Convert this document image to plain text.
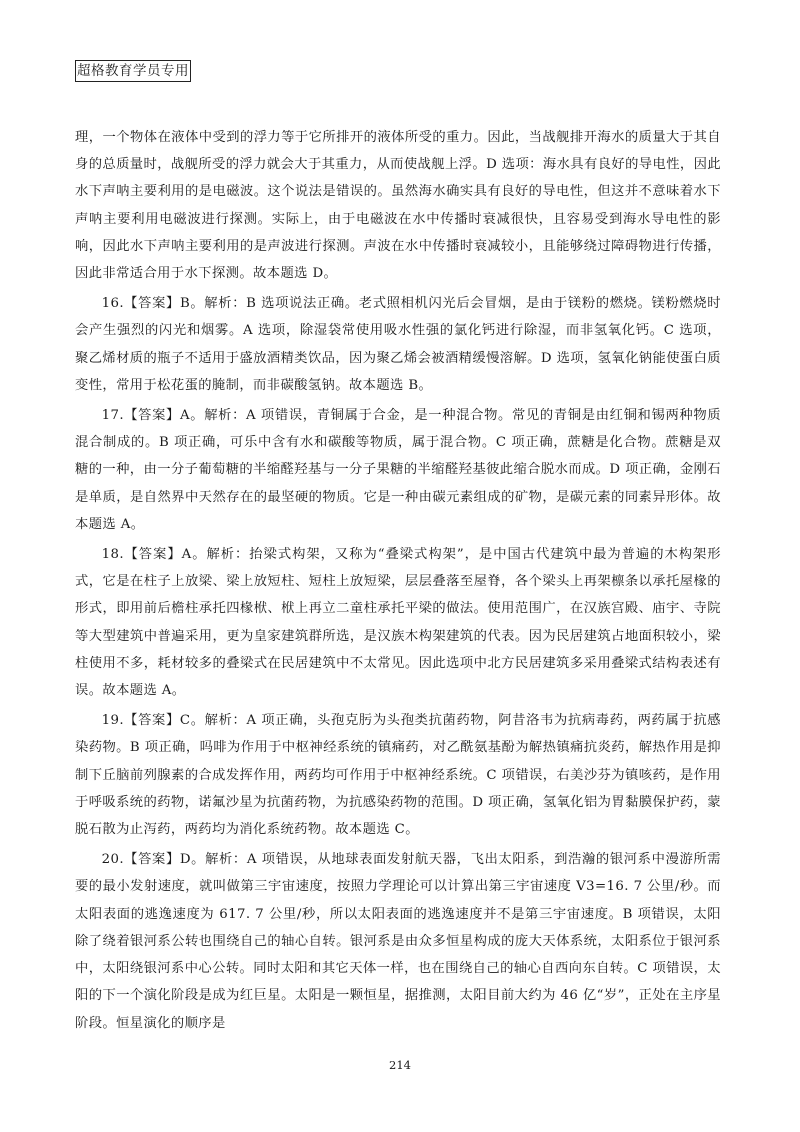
超格教育学员专用

理，一个物体在液体中受到的浮力等于它所排开的液体所受的重力。因此，当战舰排开海水的质量大于其自身的总质量时，战舰所受的浮力就会大于其重力，从而使战舰上浮。D 选项：海水具有良好的导电性，因此水下声呐主要利用的是电磁波。这个说法是错误的。虽然海水确实具有良好的导电性，但这并不意味着水下声呐主要利用电磁波进行探测。实际上，由于电磁波在水中传播时衰减很快，且容易受到海水导电性的影响，因此水下声呐主要利用的是声波进行探测。声波在水中传播时衰减较小，且能够绕过障碍物进行传播，因此非常适合用于水下探测。故本题选 D。

16.【答案】B。解析：B 选项说法正确。老式照相机闪光后会冒烟，是由于镁粉的燃烧。镁粉燃烧时会产生强烈的闪光和烟雾。A 选项，除湿袋常使用吸水性强的氯化钙进行除湿，而非氢氧化钙。C 选项，聚乙烯材质的瓶子不适用于盛放酒精类饮品，因为聚乙烯会被酒精缓慢溶解。D 选项，氢氧化钠能使蛋白质变性，常用于松花蛋的腌制，而非碳酸氢钠。故本题选 B。

17.【答案】A。解析：A 项错误，青铜属于合金，是一种混合物。常见的青铜是由红铜和锡两种物质混合制成的。B 项正确，可乐中含有水和碳酸等物质，属于混合物。C 项正确，蔗糖是化合物。蔗糖是双糖的一种，由一分子葡萄糖的半缩醛羟基与一分子果糖的半缩醛羟基彼此缩合脱水而成。D 项正确，金刚石是单质，是自然界中天然存在的最坚硬的物质。它是一种由碳元素组成的矿物，是碳元素的同素异形体。故本题选 A。

18.【答案】A。解析：抬梁式构架，又称为“叠梁式构架”，是中国古代建筑中最为普遍的木构架形式，它是在柱子上放梁、梁上放短柱、短柱上放短梁，层层叠落至屋脊，各个梁头上再架檩条以承托屋椽的形式，即用前后檐柱承托四椽栿、栿上再立二童柱承托平梁的做法。使用范围广，在汉族宫殿、庙宇、寺院等大型建筑中普遍采用，更为皇家建筑群所选，是汉族木构架建筑的代表。因为民居建筑占地面积较小，梁柱使用不多，耗材较多的叠梁式在民居建筑中不太常见。因此选项中北方民居建筑多采用叠梁式结构表述有误。故本题选 A。

19.【答案】C。解析：A 项正确，头孢克肟为头孢类抗菌药物，阿昔洛韦为抗病毒药，两药属于抗感染药物。B 项正确，吗啡为作用于中枢神经系统的镇痛药，对乙酰氨基酚为解热镇痛抗炎药，解热作用是抑制下丘脑前列腺素的合成发挥作用，两药均可作用于中枢神经系统。C 项错误，右美沙芬为镇咳药，是作用于呼吸系统的药物，诺氟沙星为抗菌药物，为抗感染药物的范围。D 项正确，氢氧化铝为胃黏膜保护药，蒙脱石散为止泻药，两药均为消化系统药物。故本题选 C。

20.【答案】D。解析：A 项错误，从地球表面发射航天器，飞出太阳系，到浩瀚的银河系中漫游所需要的最小发射速度，就叫做第三宇宙速度，按照力学理论可以计算出第三宇宙速度 V3=16. 7 公里/秒。而太阳表面的逃逸速度为 617. 7 公里/秒，所以太阳表面的逃逸速度并不是第三宇宙速度。B 项错误，太阳除了绕着银河系公转也围绕自己的轴心自转。银河系是由众多恒星构成的庞大天体系统，太阳系位于银河系中，太阳绕银河系中心公转。同时太阳和其它天体一样，也在围绕自己的轴心自西向东自转。C 项错误，太阳的下一个演化阶段是成为红巨星。太阳是一颗恒星，据推测，太阳目前大约为 46 亿“岁”，正处在主序星阶段。恒星演化的顺序是

214
